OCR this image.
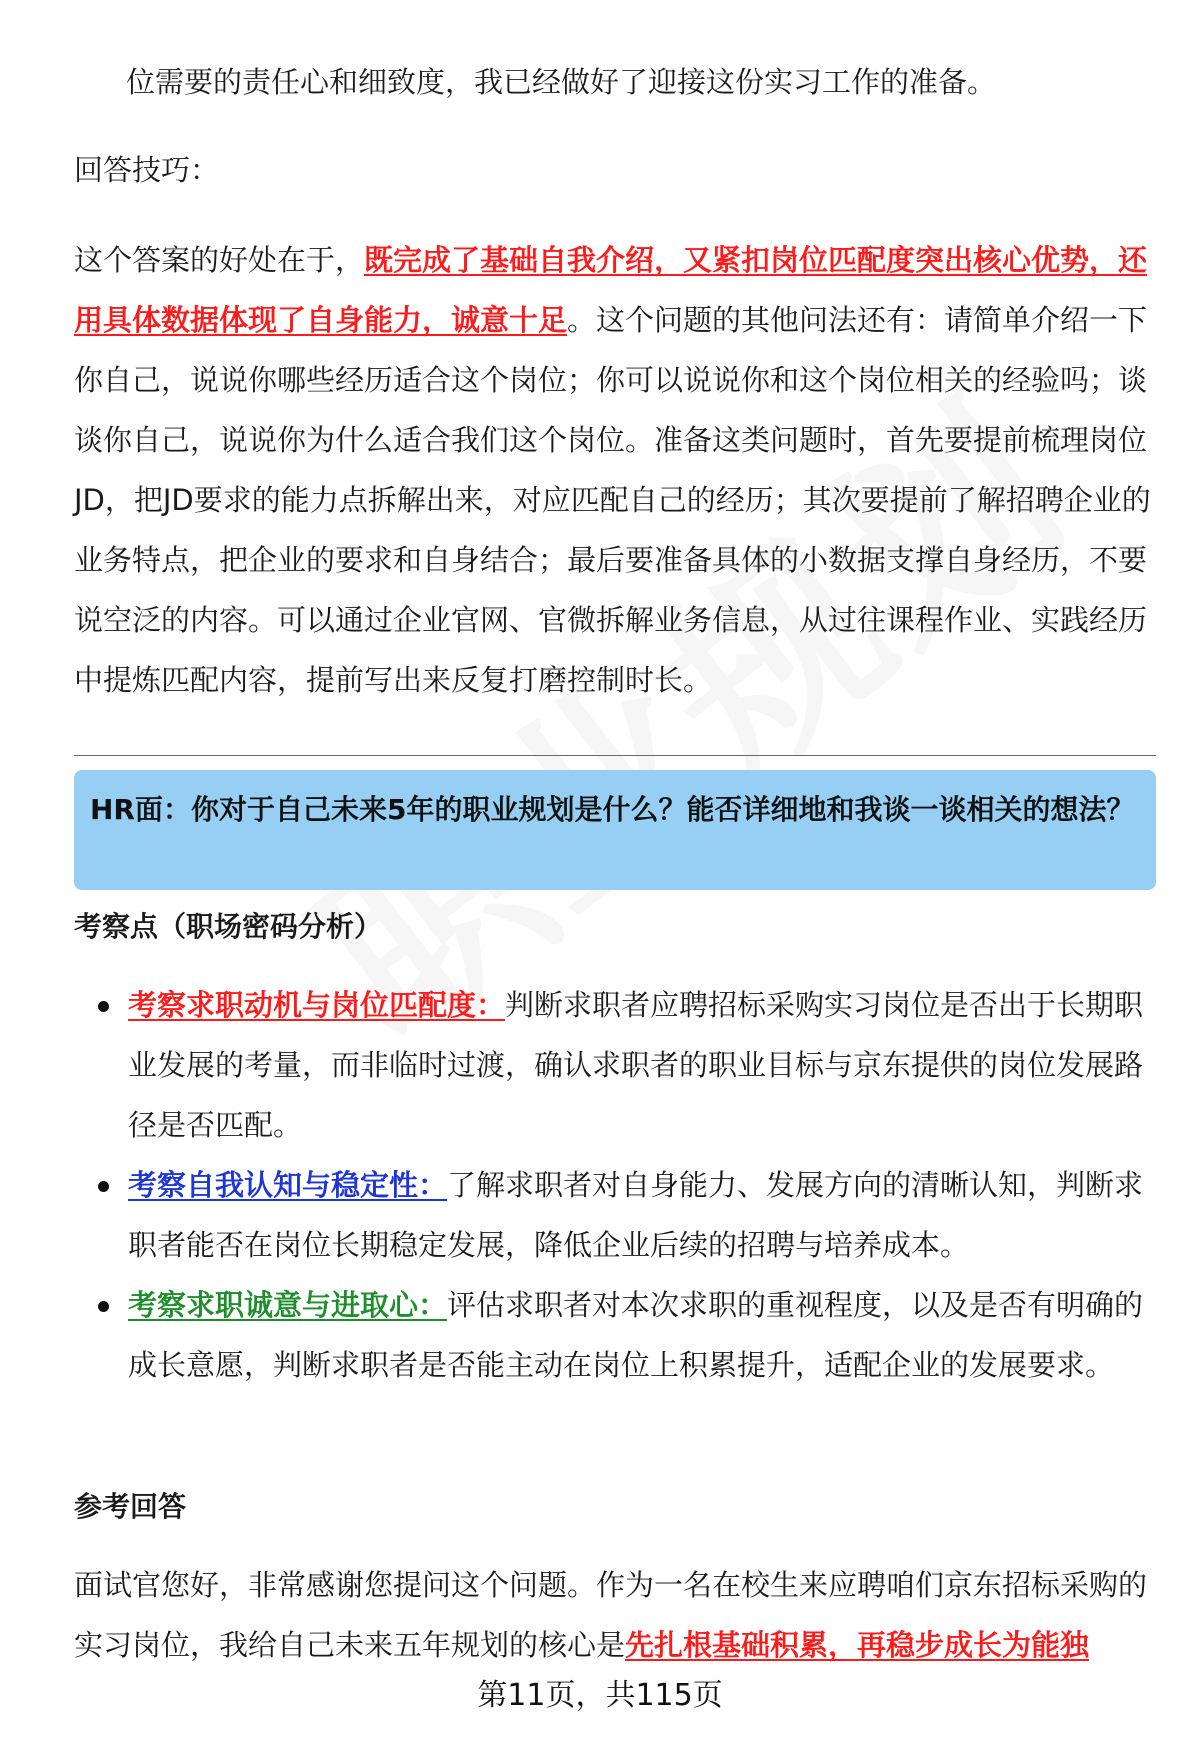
位需要的责任心和细致度，我已经做好了迎接这份实习工作的准备。

回答技巧：

这个答案的好处在于，既完成了基础自我介绍，又紧扣岗位匹配度突出核心优势，还用具体数据体现了自身能力，诚意十足。这个问题的其他问法还有：请简单介绍一下你自己，说说你哪些经历适合这个岗位；你可以说说你和这个岗位相关的经验吗；谈谈你自己，说说你为什么适合我们这个岗位。准备这类问题时，首先要提前梳理岗位JD，把JD要求的能力点拆解出来，对应匹配自己的经历；其次要提前了解招聘企业的业务特点，把企业的要求和自身结合；最后要准备具体的小数据支撑自身经历，不要说空泛的内容。可以通过企业官网、官微拆解业务信息，从过往课程作业、实践经历中提炼匹配内容，提前写出来反复打磨控制时长。

HR面：你对于自己未来5年的职业规划是什么？能否详细地和我谈一谈相关的想法？

考察点（职场密码分析）

考察求职动机与岗位匹配度：判断求职者应聘招标采购实习岗位是否出于长期职业发展的考量，而非临时过渡，确认求职者的职业目标与京东提供的岗位发展路径是否匹配。
考察自我认知与稳定性：了解求职者对自身能力、发展方向的清晰认知，判断求职者能否在岗位长期稳定发展，降低企业后续的招聘与培养成本。
考察求职诚意与进取心：评估求职者对本次求职的重视程度，以及是否有明确的成长意愿，判断求职者是否能主动在岗位上积累提升，适配企业的发展要求。

参考回答

面试官您好，非常感谢您提问这个问题。作为一名在校生来应聘咱们京东招标采购的实习岗位，我给自己未来五年规划的核心是先扎根基础积累，再稳步成长为能独

第11页，共115页
